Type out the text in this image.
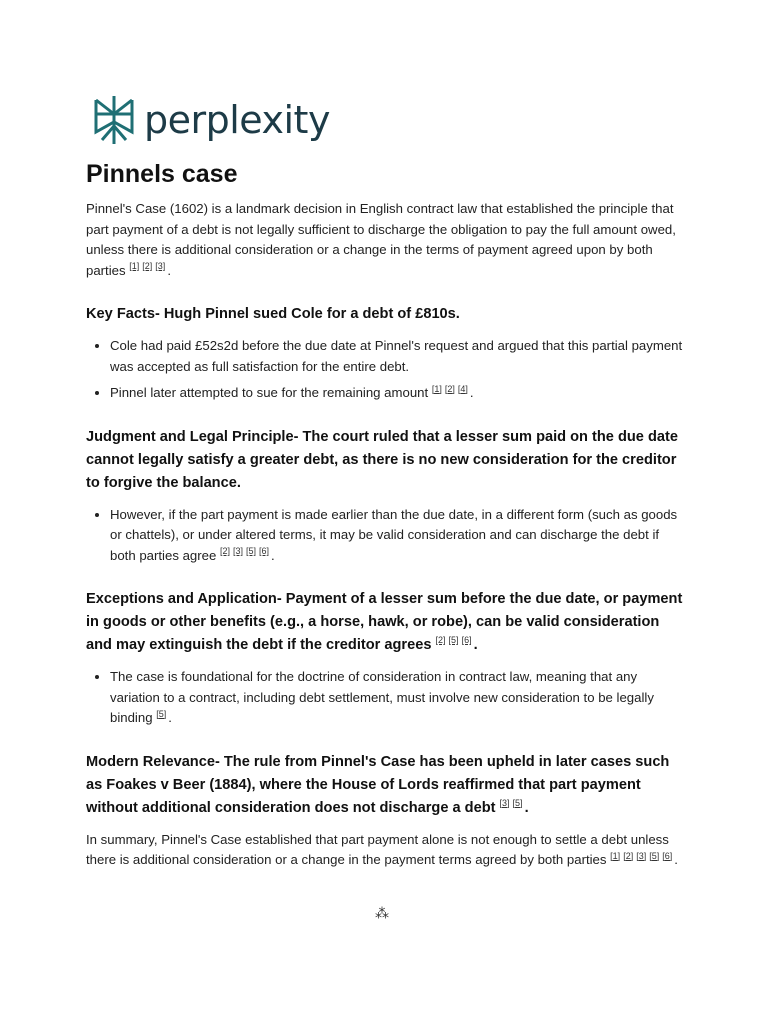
perplexity
Pinnels case

Pinnel's Case (1602) is a landmark decision in English contract law that established the principle that part payment of a debt is not legally sufficient to discharge the obligation to pay the full amount owed, unless there is additional consideration or a change in the terms of payment agreed upon by both parties [1] [2] [3] .

Key Facts- Hugh Pinnel sued Cole for a debt of £810s.
• Cole had paid £52s2d before the due date at Pinnel's request and argued that this partial payment was accepted as full satisfaction for the entire debt.
• Pinnel later attempted to sue for the remaining amount [1] [2] [4] .
Judgment and Legal Principle- The court ruled that a lesser sum paid on the due date cannot legally satisfy a greater debt, as there is no new consideration for the creditor to forgive the balance.
• However, if the part payment is made earlier than the due date, in a different form (such as goods or chattels), or under altered terms, it may be valid consideration and can discharge the debt if both parties agree [2] [3] [5] [6] .
Exceptions and Application- Payment of a lesser sum before the due date, or payment in goods or other benefits (e.g., a horse, hawk, or robe), can be valid consideration and may extinguish the debt if the creditor agrees [2] [5] [6] .
• The case is foundational for the doctrine of consideration in contract law, meaning that any variation to a contract, including debt settlement, must involve new consideration to be legally binding [5] .
Modern Relevance- The rule from Pinnel's Case has been upheld in later cases such as Foakes v Beer (1884), where the House of Lords reaffirmed that part payment without additional consideration does not discharge a debt [3] [5] .

In summary, Pinnel's Case established that part payment alone is not enough to settle a debt unless there is additional consideration or a change in the payment terms agreed by both parties [1] [2] [3] [5] [6] .

⁂
